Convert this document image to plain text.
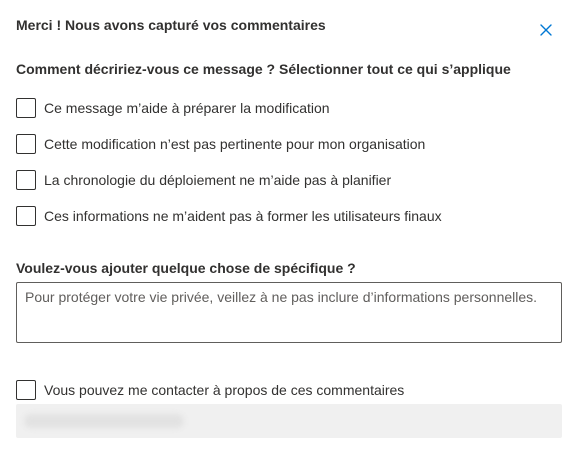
Merci ! Nous avons capturé vos commentaires
Comment décririez-vous ce message ? Sélectionner tout ce qui s’applique
Ce message m’aide à préparer la modification
Cette modification n’est pas pertinente pour mon organisation
La chronologie du déploiement ne m’aide pas à planifier
Ces informations ne m’aident pas à former les utilisateurs finaux
Voulez-vous ajouter quelque chose de spécifique ?
Pour protéger votre vie privée, veillez à ne pas inclure d’informations personnelles.
Vous pouvez me contacter à propos de ces commentaires
